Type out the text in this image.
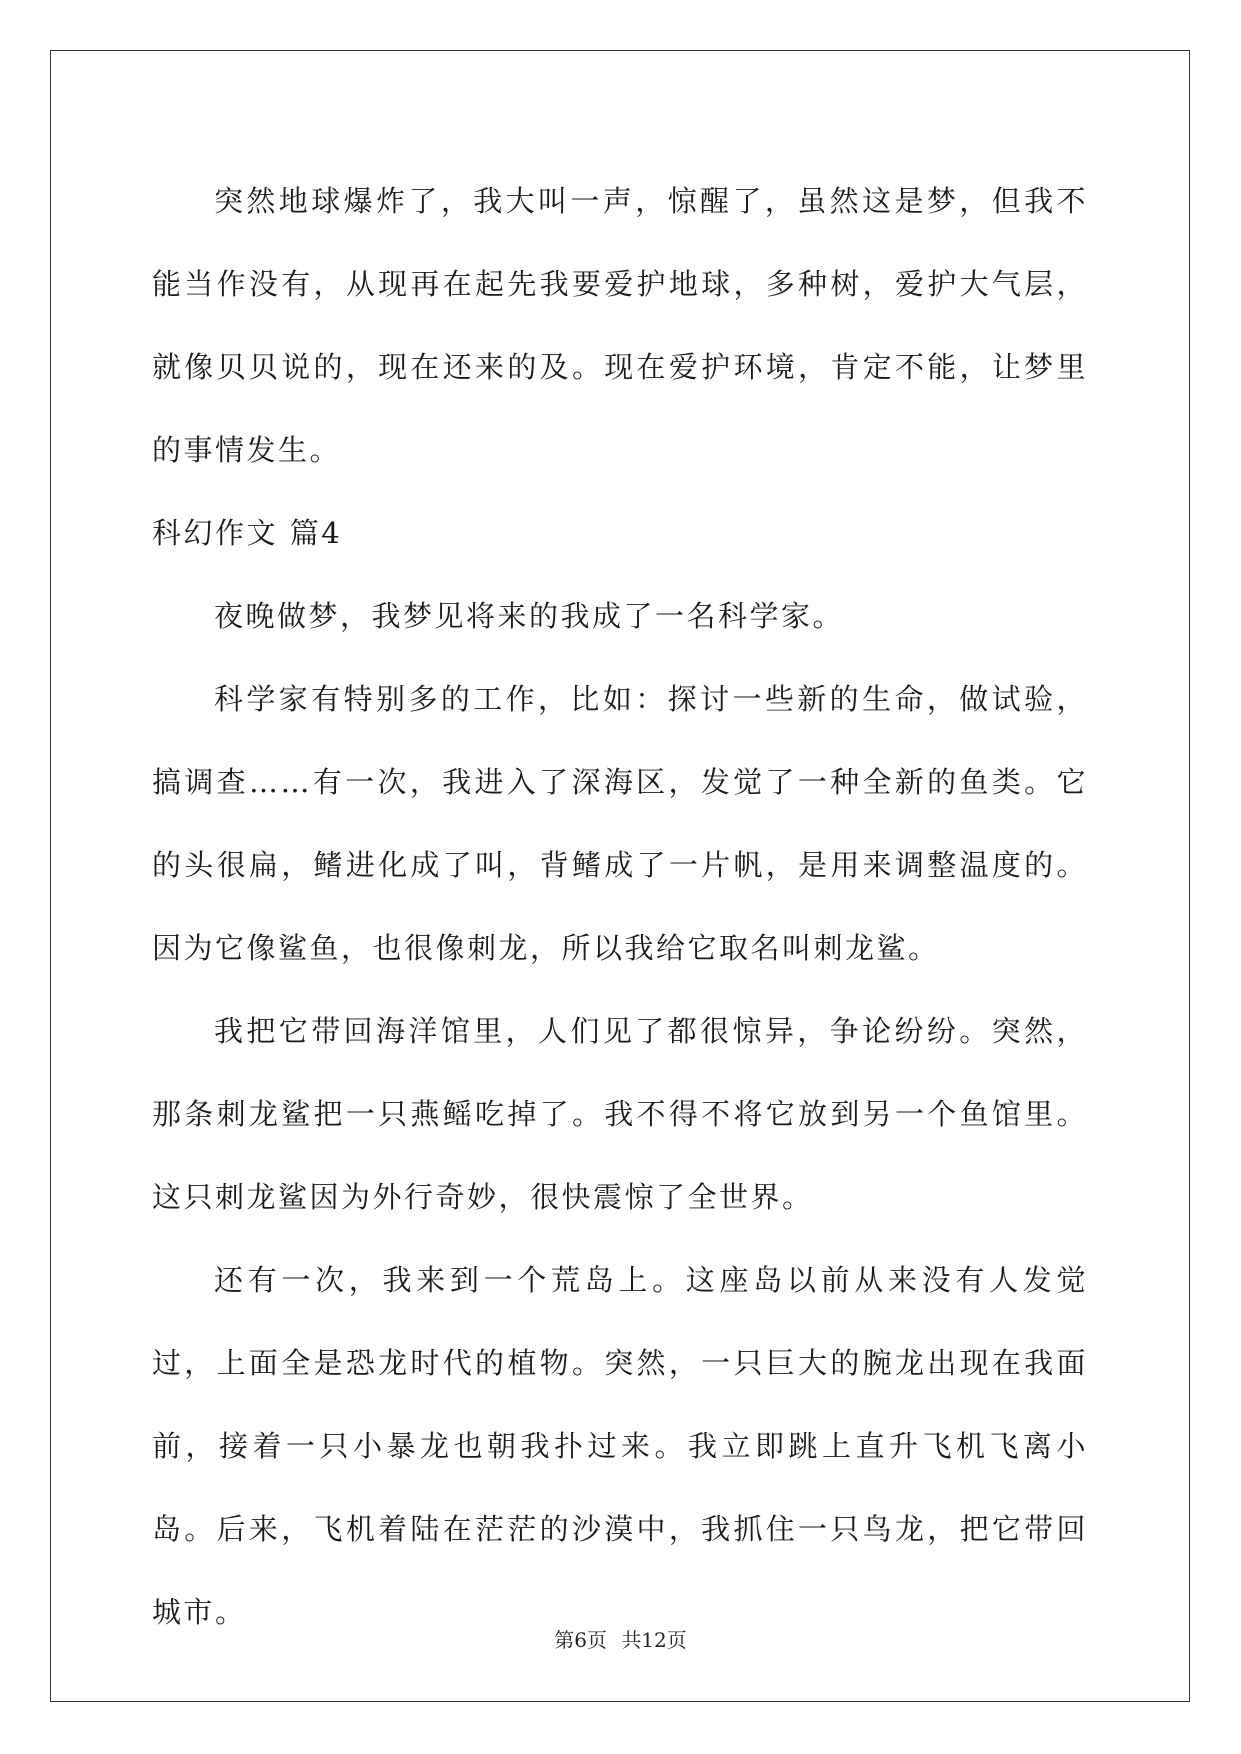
突然地球爆炸了，我大叫一声，惊醒了，虽然这是梦，但我不能当作没有，从现再在起先我要爱护地球，多种树，爱护大气层，就像贝贝说的，现在还来的及。现在爱护环境，肯定不能，让梦里的事情发生。

科幻作文 篇4

夜晚做梦，我梦见将来的我成了一名科学家。

科学家有特别多的工作，比如：探讨一些新的生命，做试验，搞调查……有一次，我进入了深海区，发觉了一种全新的鱼类。它的头很扁，鳍进化成了叫，背鳍成了一片帆，是用来调整温度的。因为它像鲨鱼，也很像刺龙，所以我给它取名叫刺龙鲨。

我把它带回海洋馆里，人们见了都很惊异，争论纷纷。突然，那条刺龙鲨把一只燕鳐吃掉了。我不得不将它放到另一个鱼馆里。这只刺龙鲨因为外行奇妙，很快震惊了全世界。

还有一次，我来到一个荒岛上。这座岛以前从来没有人发觉过，上面全是恐龙时代的植物。突然，一只巨大的腕龙出现在我面前，接着一只小暴龙也朝我扑过来。我立即跳上直升飞机飞离小岛。后来，飞机着陆在茫茫的沙漠中，我抓住一只鸟龙，把它带回城市。

第6页 共12页
